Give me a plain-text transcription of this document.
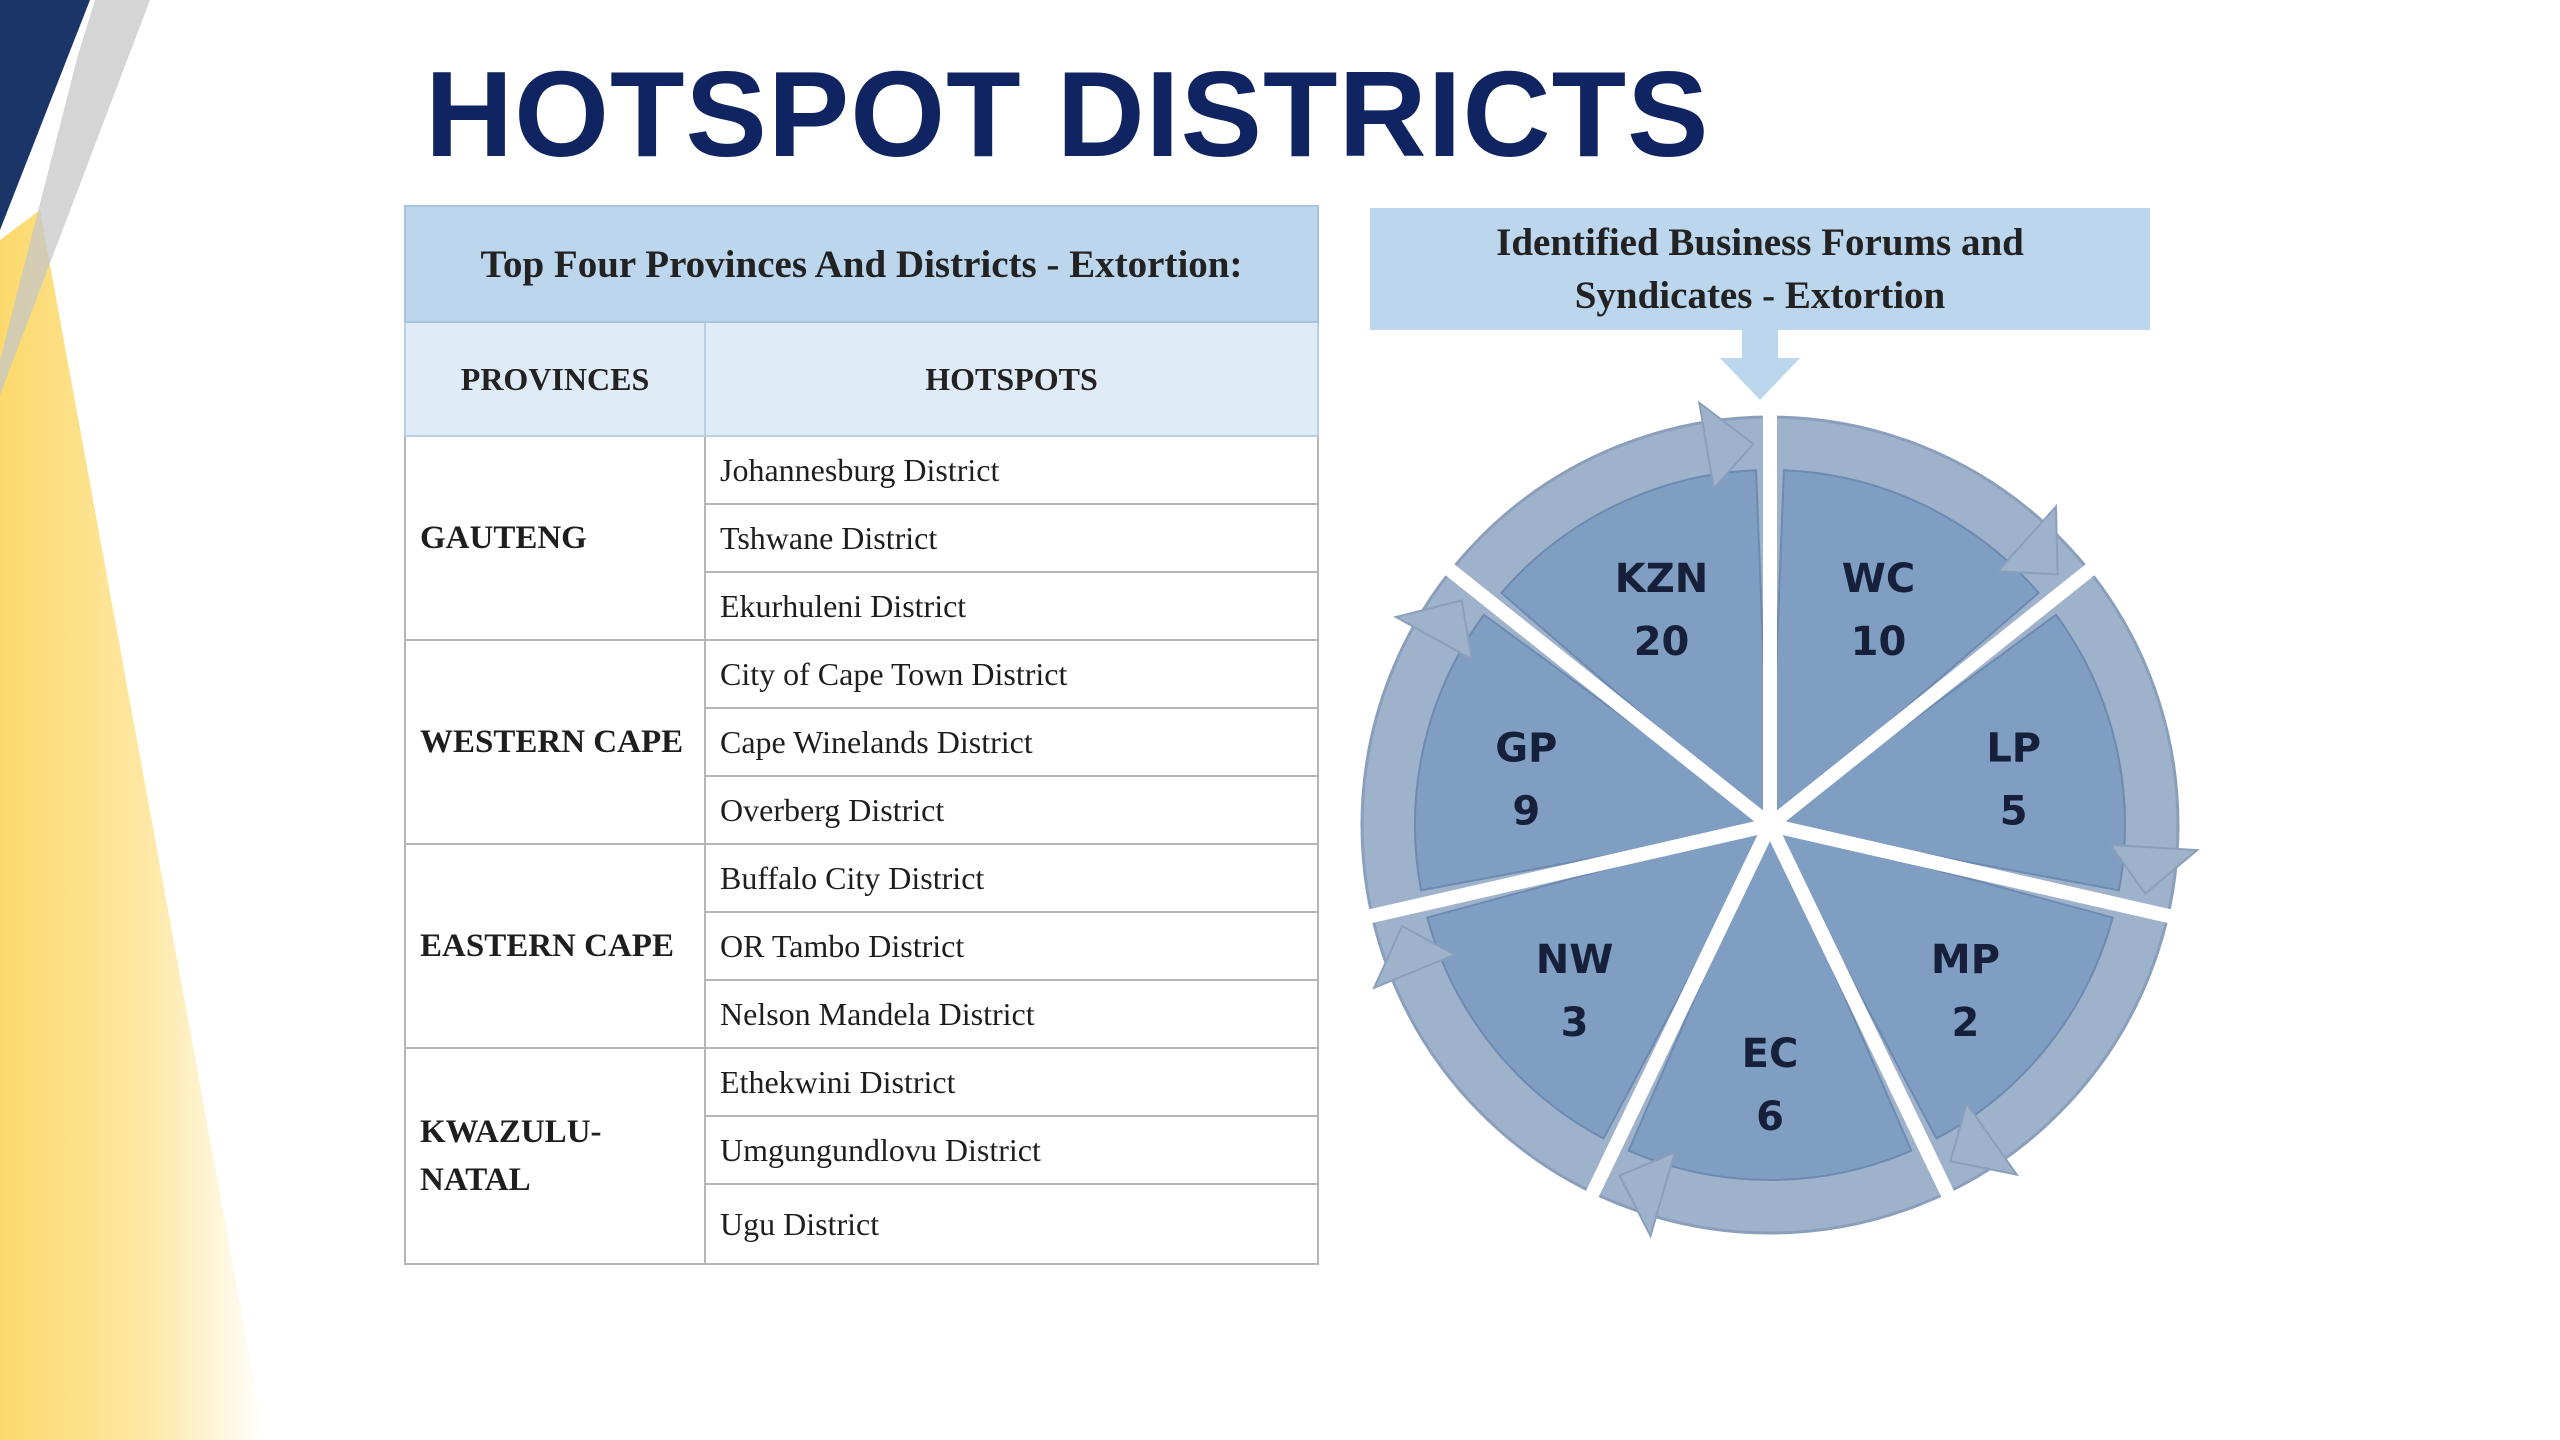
HOTSPOT DISTRICTS
Top Four Provinces And Districts - Extortion:	
PROVINCES	HOTSPOTS
GAUTENG	Johannesburg District
	Tshwane District
	Ekurhuleni District
WESTERN CAPE	City of Cape Town District
	Cape Winelands District
	Overberg District
EASTERN CAPE	Buffalo City District
	OR Tambo District
	Nelson Mandela District
KWAZULU-
NATAL	Ethekwini District
	Umgungundlovu District
	Ugu District
Identified Business Forums and
Syndicates - Extortion
WC
10
LP
5
MP
2
EC
6
NW
3
GP
9
KZN
20
